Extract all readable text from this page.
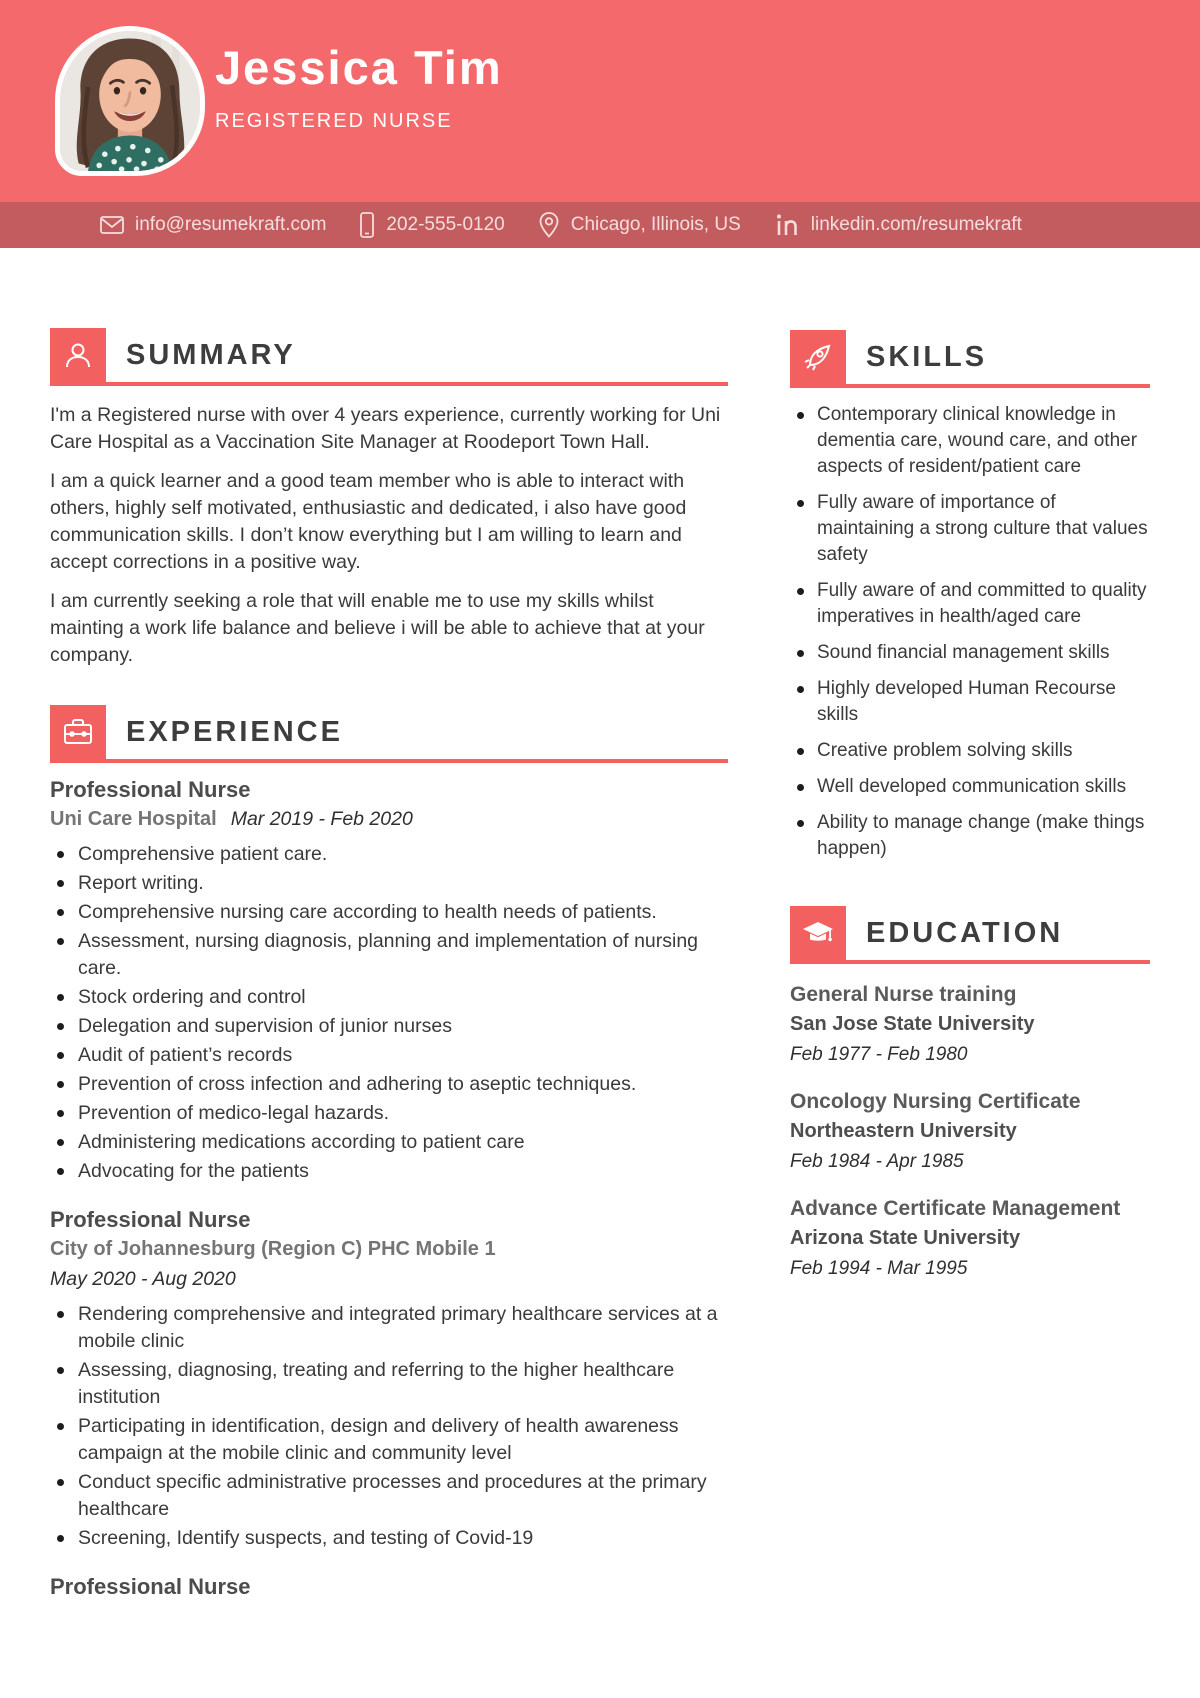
Jessica Tim
REGISTERED NURSE
info@resumekraft.com	202-555-0120	Chicago, Illinois, US	linkedin.com/resumekraft
SUMMARY

I'm a Registered nurse with over 4 years experience, currently working for Uni Care Hospital as a Vaccination Site Manager at Roodeport Town Hall.

I am a quick learner and a good team member who is able to interact with others, highly self motivated, enthusiastic and dedicated, i also have good communication skills. I don’t know everything but I am willing to learn and accept corrections in a positive way.

I am currently seeking a role that will enable me to use my skills whilst mainting a work life balance and believe i will be able to achieve that at your company.

EXPERIENCE
Professional Nurse
Uni Care Hospital Mar 2019 - Feb 2020
Comprehensive patient care.
Report writing.
Comprehensive nursing care according to health needs of patients.
Assessment, nursing diagnosis, planning and implementation of nursing care.
Stock ordering and control
Delegation and supervision of junior nurses
Audit of patient’s records
Prevention of cross infection and adhering to aseptic techniques.
Prevention of medico-legal hazards.
Administering medications according to patient care
Advocating for the patients
Professional Nurse
City of Johannesburg (Region C) PHC Mobile 1
May 2020 - Aug 2020
Rendering comprehensive and integrated primary healthcare services at a mobile clinic
Assessing, diagnosing, treating and referring to the higher healthcare institution
Participating in identification, design and delivery of health awareness campaign at the mobile clinic and community level
Conduct specific administrative processes and procedures at the primary healthcare
Screening, Identify suspects, and testing of Covid-19
Professional Nurse
SKILLS
Contemporary clinical knowledge in dementia care, wound care, and other aspects of resident/patient care
Fully aware of importance of maintaining a strong culture that values safety
Fully aware of and committed to quality imperatives in health/aged care
Sound financial management skills
Highly developed Human Recourse skills
Creative problem solving skills
Well developed communication skills
Ability to manage change (make things happen)
EDUCATION
General Nurse training
San Jose State University
Feb 1977 - Feb 1980
Oncology Nursing Certificate
Northeastern University
Feb 1984 - Apr 1985
Advance Certificate Management
Arizona State University
Feb 1994 - Mar 1995
